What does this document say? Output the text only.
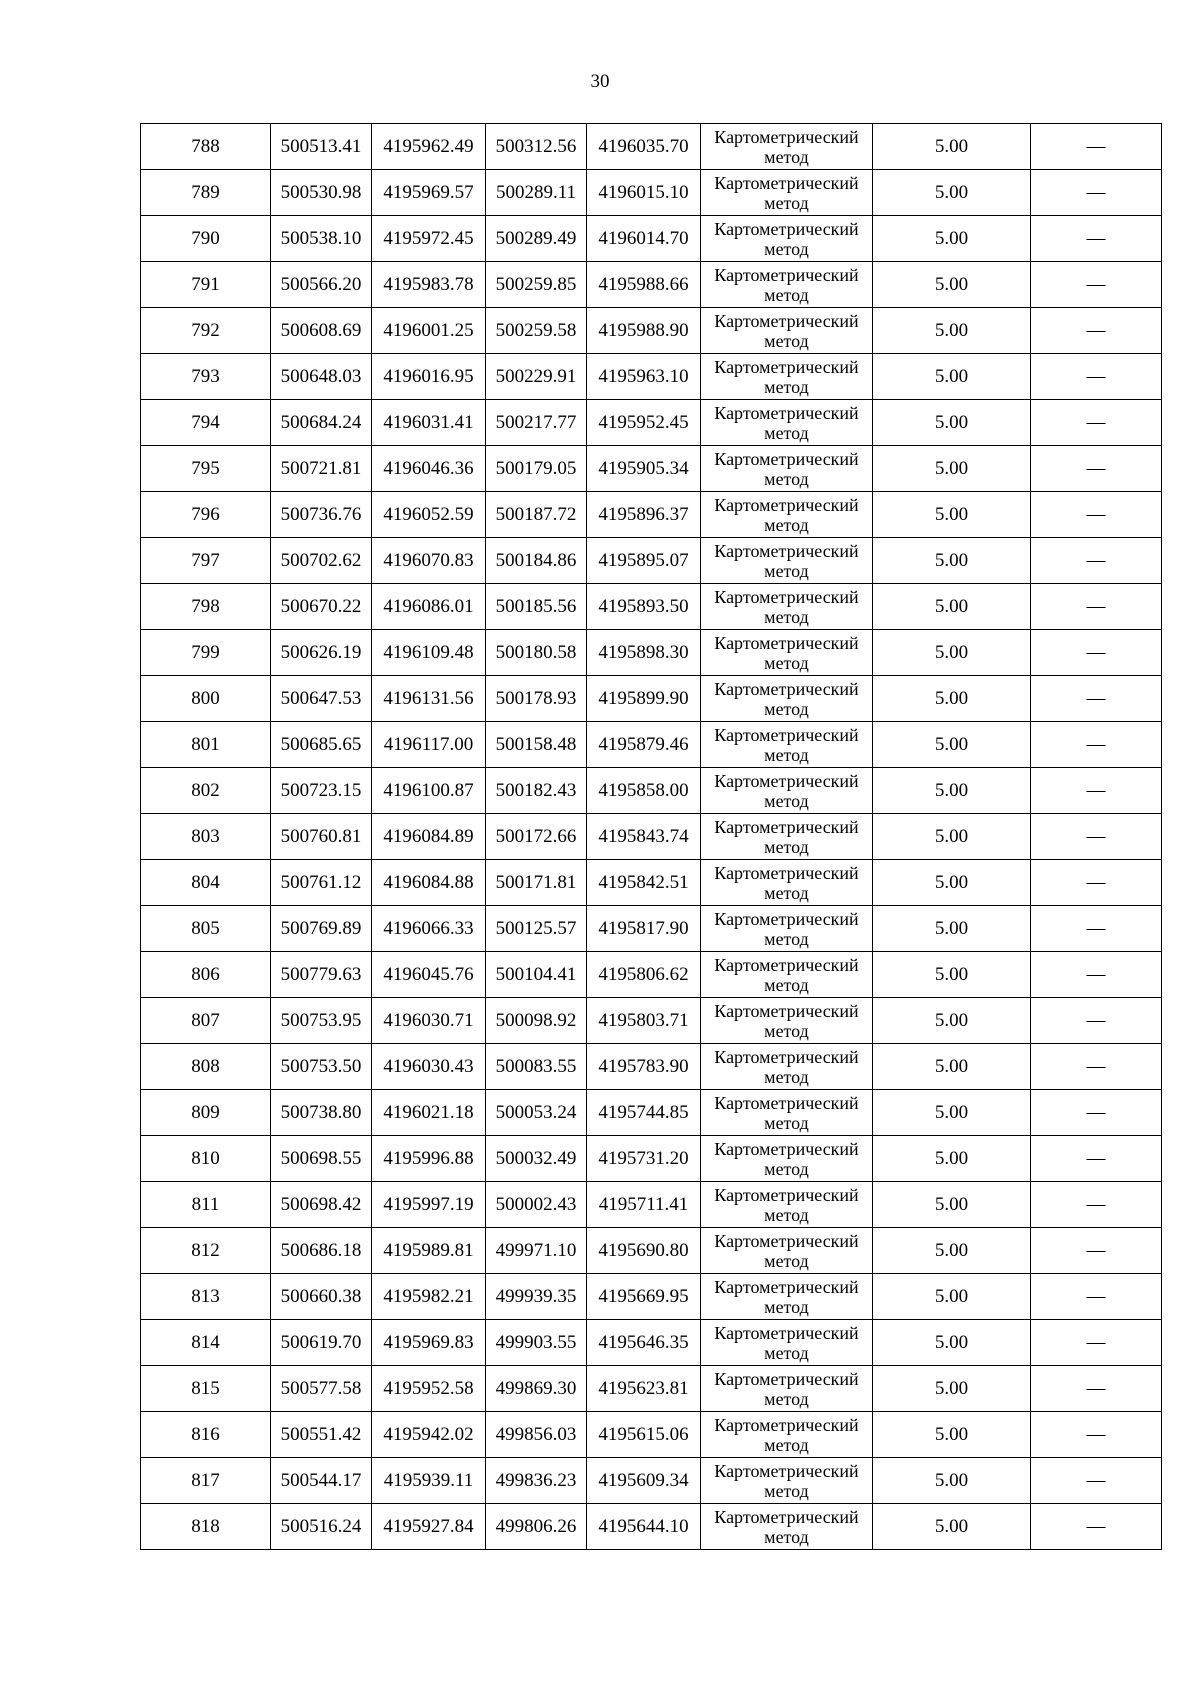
30
788	500513.41	4195962.49	500312.56	4196035.70	Картометрический метод	5.00	—
789	500530.98	4195969.57	500289.11	4196015.10	Картометрический метод	5.00	—
790	500538.10	4195972.45	500289.49	4196014.70	Картометрический метод	5.00	—
791	500566.20	4195983.78	500259.85	4195988.66	Картометрический метод	5.00	—
792	500608.69	4196001.25	500259.58	4195988.90	Картометрический метод	5.00	—
793	500648.03	4196016.95	500229.91	4195963.10	Картометрический метод	5.00	—
794	500684.24	4196031.41	500217.77	4195952.45	Картометрический метод	5.00	—
795	500721.81	4196046.36	500179.05	4195905.34	Картометрический метод	5.00	—
796	500736.76	4196052.59	500187.72	4195896.37	Картометрический метод	5.00	—
797	500702.62	4196070.83	500184.86	4195895.07	Картометрический метод	5.00	—
798	500670.22	4196086.01	500185.56	4195893.50	Картометрический метод	5.00	—
799	500626.19	4196109.48	500180.58	4195898.30	Картометрический метод	5.00	—
800	500647.53	4196131.56	500178.93	4195899.90	Картометрический метод	5.00	—
801	500685.65	4196117.00	500158.48	4195879.46	Картометрический метод	5.00	—
802	500723.15	4196100.87	500182.43	4195858.00	Картометрический метод	5.00	—
803	500760.81	4196084.89	500172.66	4195843.74	Картометрический метод	5.00	—
804	500761.12	4196084.88	500171.81	4195842.51	Картометрический метод	5.00	—
805	500769.89	4196066.33	500125.57	4195817.90	Картометрический метод	5.00	—
806	500779.63	4196045.76	500104.41	4195806.62	Картометрический метод	5.00	—
807	500753.95	4196030.71	500098.92	4195803.71	Картометрический метод	5.00	—
808	500753.50	4196030.43	500083.55	4195783.90	Картометрический метод	5.00	—
809	500738.80	4196021.18	500053.24	4195744.85	Картометрический метод	5.00	—
810	500698.55	4195996.88	500032.49	4195731.20	Картометрический метод	5.00	—
811	500698.42	4195997.19	500002.43	4195711.41	Картометрический метод	5.00	—
812	500686.18	4195989.81	499971.10	4195690.80	Картометрический метод	5.00	—
813	500660.38	4195982.21	499939.35	4195669.95	Картометрический метод	5.00	—
814	500619.70	4195969.83	499903.55	4195646.35	Картометрический метод	5.00	—
815	500577.58	4195952.58	499869.30	4195623.81	Картометрический метод	5.00	—
816	500551.42	4195942.02	499856.03	4195615.06	Картометрический метод	5.00	—
817	500544.17	4195939.11	499836.23	4195609.34	Картометрический метод	5.00	—
818	500516.24	4195927.84	499806.26	4195644.10	Картометрический метод	5.00	—
